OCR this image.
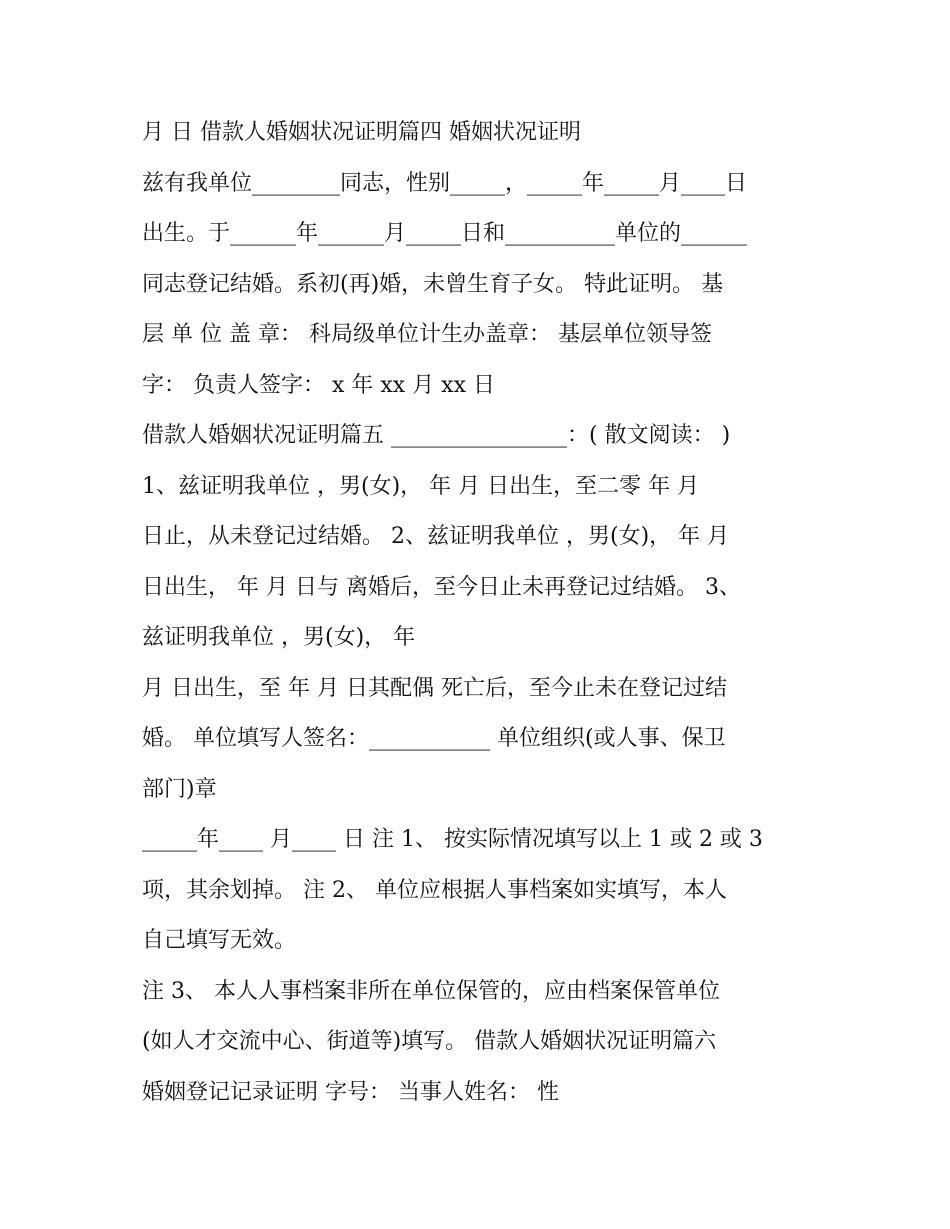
月 日 借款人婚姻状况证明篇四 婚姻状况证明
兹有我单位________同志，性别_____，_____年_____月____日
出生。于______年______月_____日和__________单位的______
同志登记结婚。系初(再)婚，未曾生育子女。 特此证明。 基
层 单 位 盖 章： 科局级单位计生办盖章： 基层单位领导签
字： 负责人签字： x 年 xx 月 xx 日
借款人婚姻状况证明篇五 ________________：( 散文阅读： )
1、兹证明我单位 ，男(女)， 年 月 日出生，至二零 年 月
日止，从未登记过结婚。 2、兹证明我单位 ，男(女)， 年 月
日出生， 年 月 日与 离婚后，至今日止未再登记过结婚。 3、
兹证明我单位 ，男(女)， 年
月 日出生，至 年 月 日其配偶 死亡后，至今止未在登记过结
婚。 单位填写人签名：___________ 单位组织(或人事、保卫
部门)章
_____年____ 月____ 日 注 1、 按实际情况填写以上 1 或 2 或 3
项，其余划掉。 注 2、 单位应根据人事档案如实填写，本人
自己填写无效。
注 3、 本人人事档案非所在单位保管的，应由档案保管单位
(如人才交流中心、街道等)填写。 借款人婚姻状况证明篇六
婚姻登记记录证明 字号： 当事人姓名： 性
